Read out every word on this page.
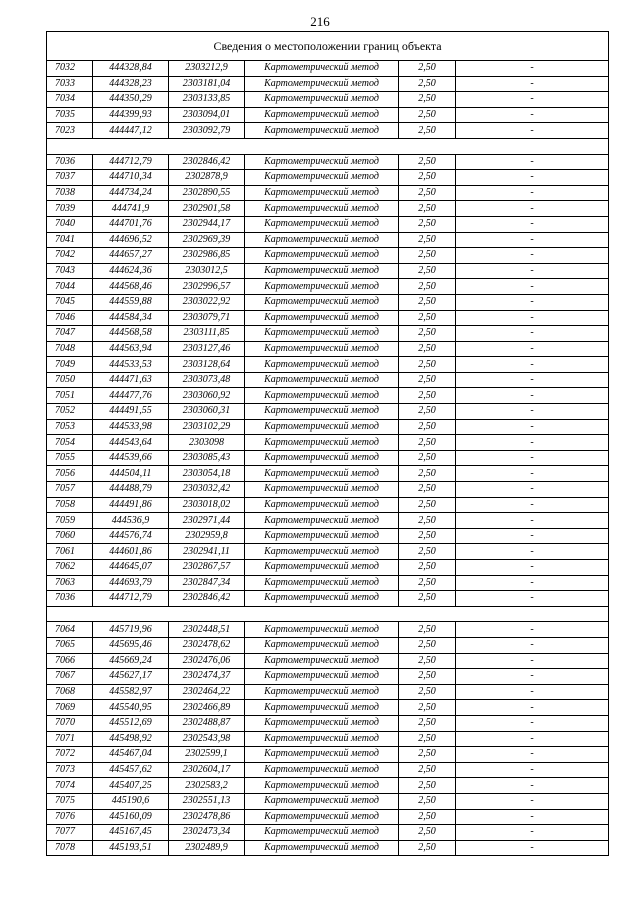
216
Сведения о местоположении границ объекта					
7032	444328,84	2303212,9	Картометрический метод	2,50	-
7033	444328,23	2303181,04	Картометрический метод	2,50	-
7034	444350,29	2303133,85	Картометрический метод	2,50	-
7035	444399,93	2303094,01	Картометрический метод	2,50	-
7023	444447,12	2303092,79	Картометрический метод	2,50	-

7036	444712,79	2302846,42	Картометрический метод	2,50	-
7037	444710,34	2302878,9	Картометрический метод	2,50	-
7038	444734,24	2302890,55	Картометрический метод	2,50	-
7039	444741,9	2302901,58	Картометрический метод	2,50	-
7040	444701,76	2302944,17	Картометрический метод	2,50	-
7041	444696,52	2302969,39	Картометрический метод	2,50	-
7042	444657,27	2302986,85	Картометрический метод	2,50	-
7043	444624,36	2303012,5	Картометрический метод	2,50	-
7044	444568,46	2302996,57	Картометрический метод	2,50	-
7045	444559,88	2303022,92	Картометрический метод	2,50	-
7046	444584,34	2303079,71	Картометрический метод	2,50	-
7047	444568,58	2303111,85	Картометрический метод	2,50	-
7048	444563,94	2303127,46	Картометрический метод	2,50	-
7049	444533,53	2303128,64	Картометрический метод	2,50	-
7050	444471,63	2303073,48	Картометрический метод	2,50	-
7051	444477,76	2303060,92	Картометрический метод	2,50	-
7052	444491,55	2303060,31	Картометрический метод	2,50	-
7053	444533,98	2303102,29	Картометрический метод	2,50	-
7054	444543,64	2303098	Картометрический метод	2,50	-
7055	444539,66	2303085,43	Картометрический метод	2,50	-
7056	444504,11	2303054,18	Картометрический метод	2,50	-
7057	444488,79	2303032,42	Картометрический метод	2,50	-
7058	444491,86	2303018,02	Картометрический метод	2,50	-
7059	444536,9	2302971,44	Картометрический метод	2,50	-
7060	444576,74	2302959,8	Картометрический метод	2,50	-
7061	444601,86	2302941,11	Картометрический метод	2,50	-
7062	444645,07	2302867,57	Картометрический метод	2,50	-
7063	444693,79	2302847,34	Картометрический метод	2,50	-
7036	444712,79	2302846,42	Картометрический метод	2,50	-

7064	445719,96	2302448,51	Картометрический метод	2,50	-
7065	445695,46	2302478,62	Картометрический метод	2,50	-
7066	445669,24	2302476,06	Картометрический метод	2,50	-
7067	445627,17	2302474,37	Картометрический метод	2,50	-
7068	445582,97	2302464,22	Картометрический метод	2,50	-
7069	445540,95	2302466,89	Картометрический метод	2,50	-
7070	445512,69	2302488,87	Картометрический метод	2,50	-
7071	445498,92	2302543,98	Картометрический метод	2,50	-
7072	445467,04	2302599,1	Картометрический метод	2,50	-
7073	445457,62	2302604,17	Картометрический метод	2,50	-
7074	445407,25	2302583,2	Картометрический метод	2,50	-
7075	445190,6	2302551,13	Картометрический метод	2,50	-
7076	445160,09	2302478,86	Картометрический метод	2,50	-
7077	445167,45	2302473,34	Картометрический метод	2,50	-
7078	445193,51	2302489,9	Картометрический метод	2,50	-
